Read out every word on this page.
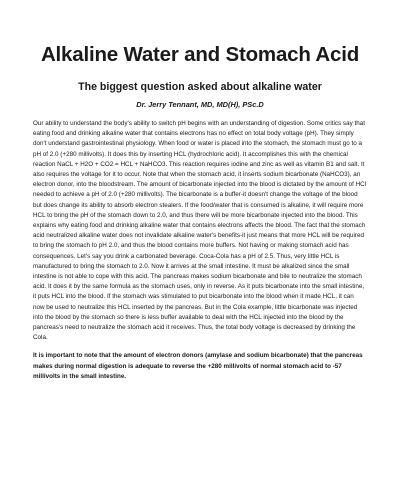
Alkaline Water and Stomach Acid
The biggest question asked about alkaline water

Dr. Jerry Tennant, MD, MD(H), PSc.D

Our ability to understand the body's ability to switch pH begins with an understanding of digestion. Some critics say that eating food and drinking alkaline water that contains electrons has no effect on total body voltage (pH). They simply don't understand gastrointestinal physiology. When food or water is placed into the stomach, the stomach must go to a pH of 2.0 (+280 millivolts). It does this by inserting HCL (hydrochloric acid). It accomplishes this with the chemical reaction NaCL + H2O + CO2 = HCL + NaHCO3. This reaction requires iodine and zinc as well as vitamin B1 and salt. It also requires the voltage for it to occur. Note that when the stomach acid, it inserts sodium bicarbonate (NaHCO3), an electron donor, into the bloodstream. The amount of bicarbonate injected into the blood is dictated by the amount of HCl needed to achieve a pH of 2.0 (+280 millivolts). The bicarbonate is a buffer-it doesn't change the voltage of the blood but does change its ability to absorb electron stealers. If the food/water that is consumed is alkaline, it will require more HCL to bring the pH of the stomach down to 2.0, and thus there will be more bicarbonate injected into the blood. This explains why eating food and drinking alkaline water that contains electrons affects the blood. The fact that the stomach acid neutralized alkaline water does not invalidate alkaline water's benefits-it just means that more HCL will be required to bring the stomach to pH 2.0, and thus the blood contains more buffers. Not having or making stomach acid has consequences. Let's say you drink a carbonated beverage. Coca-Cola has a pH of 2.5. Thus, very little HCL is manufactured to bring the stomach to 2.0. Now it arrives at the small intestine. It must be alkalized since the small intestine is not able to cope with this acid. The pancreas makes sodium bicarbonate and bile to neutralize the stomach acid. It does it by the same formula as the stomach uses, only in reverse. As it puts bicarbonate into the small intestine, it puts HCL into the blood. If the stomach was stimulated to put bicarbonate into the blood when it made HCL, it can now be used to neutralize this HCL inserted by the pancreas. But in the Cola example, little bicarbonate was injected into the blood by the stomach so there is less buffer available to deal with the HCL injected into the blood by the pancreas's need to neutralize the stomach acid it receives. Thus, the total body voltage is decreased by drinking the Cola.

It is important to note that the amount of electron donors (amylase and sodium bicarbonate) that the pancreas makes during normal digestion is adequate to reverse the +280 millivolts of normal stomach acid to -57 millivolts in the small intestine.
